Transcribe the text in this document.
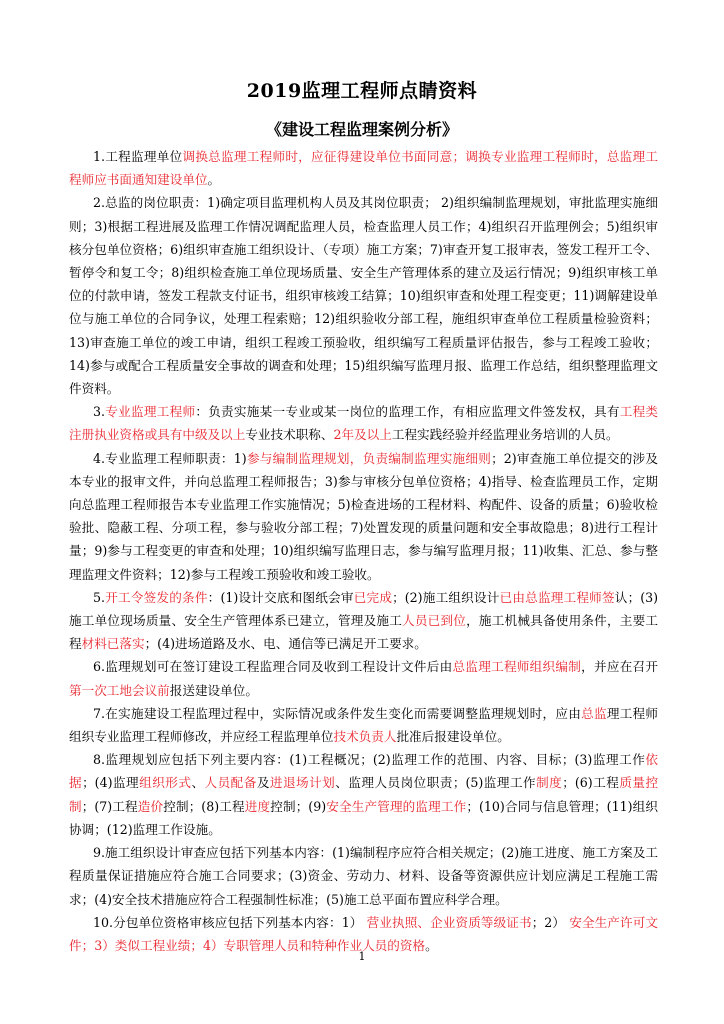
2019监理工程师点睛资料
《建设工程监理案例分析》

1.工程监理单位调换总监理工程师时，应征得建设单位书面同意；调换专业监理工程师时，总监理工程师应书面通知建设单位。

2.总监的岗位职责：1)确定项目监理机构人员及其岗位职责； 2)组织编制监理规划，审批监理实施细则；3)根据工程进展及监理工作情况调配监理人员，检查监理人员工作；4)组织召开监理例会；5)组织审核分包单位资格；6)组织审查施工组织设计、（专项）施工方案；7)审查开复工报审表，签发工程开工令、暂停令和复工令；8)组织检查施工单位现场质量、安全生产管理体系的建立及运行情况；9)组织审核工单位的付款申请，签发工程款支付证书，组织审核竣工结算；10)组织审查和处理工程变更；11)调解建设单位与施工单位的合同争议，处理工程索赔；12)组织验收分部工程，施组织审查单位工程质量检验资料；13)审查施工单位的竣工申请，组织工程竣工预验收，组织编写工程质量评估报告，参与工程竣工验收；14)参与或配合工程质量安全事故的调查和处理；15)组织编写监理月报、监理工作总结，组织整理监理文件资料。

3.专业监理工程师：负责实施某一专业或某一岗位的监理工作，有相应监理文件签发权，具有工程类注册执业资格或具有中级及以上专业技术职称、2年及以上工程实践经验并经监理业务培训的人员。

4.专业监理工程师职责：1)参与编制监理规划，负责编制监理实施细则；2)审查施工单位提交的涉及本专业的报审文件，并向总监理工程师报告；3)参与审核分包单位资格；4)指导、检查监理员工作，定期向总监理工程师报告本专业监理工作实施情况；5)检查进场的工程材料、构配件、设备的质量；6)验收检验批、隐蔽工程、分项工程，参与验收分部工程；7)处置发现的质量问题和安全事故隐患；8)进行工程计量；9)参与工程变更的审查和处理；10)组织编写监理日志，参与编写监理月报；11)收集、汇总、参与整理监理文件资料；12)参与工程竣工预验收和竣工验收。

5.开工令签发的条件：(1)设计交底和图纸会审已完成；(2)施工组织设计已由总监理工程师签认；(3)施工单位现场质量、安全生产管理体系已建立，管理及施工人员已到位，施工机械具备使用条件，主要工程材料已落实；(4)进场道路及水、电、通信等已满足开工要求。

6.监理规划可在签订建设工程监理合同及收到工程设计文件后由总监理工程师组织编制，并应在召开第一次工地会议前报送建设单位。

7.在实施建设工程监理过程中，实际情况或条件发生变化而需要调整监理规划时，应由总监理工程师组织专业监理工程师修改，并应经工程监理单位技术负责人批准后报建设单位。

8.监理规划应包括下列主要内容：(1)工程概况；(2)监理工作的范围、内容、目标；(3)监理工作依据；(4)监理组织形式、人员配备及进退场计划、监理人员岗位职责；(5)监理工作制度；(6)工程质量控制；(7)工程造价控制；(8)工程进度控制；(9)安全生产管理的监理工作；(10)合同与信息管理；(11)组织协调；(12)监理工作设施。

9.施工组织设计审查应包括下列基本内容：(1)编制程序应符合相关规定；(2)施工进度、施工方案及工程质量保证措施应符合施工合同要求；(3)资金、劳动力、材料、设备等资源供应计划应满足工程施工需求；(4)安全技术措施应符合工程强制性标准；(5)施工总平面布置应科学合理。

10.分包单位资格审核应包括下列基本内容：1） 营业执照、企业资质等级证书；2） 安全生产许可文件；3）类似工程业绩；4）专职管理人员和特种作业人员的资格。

1
